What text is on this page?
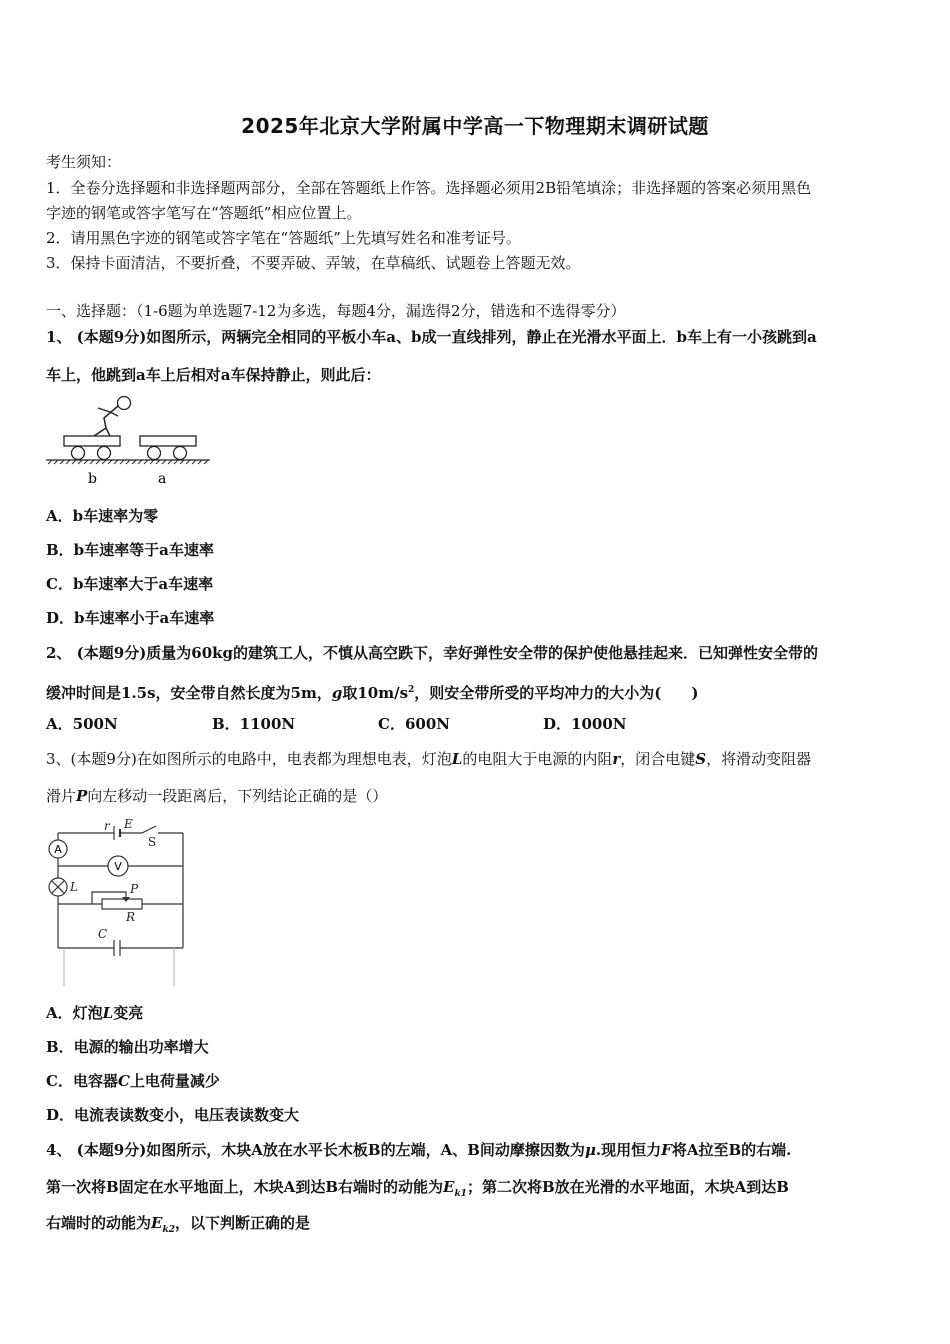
2025年北京大学附属中学高一下物理期末调研试题
考生须知：
1．全卷分选择题和非选择题两部分，全部在答题纸上作答。选择题必须用2B铅笔填涂；非选择题的答案必须用黑色
字迹的钢笔或答字笔写在“答题纸”相应位置上。
2．请用黑色字迹的钢笔或答字笔在“答题纸”上先填写姓名和准考证号。
3．保持卡面清洁，不要折叠，不要弄破、弄皱，在草稿纸、试题卷上答题无效。
一、选择题：（1-6题为单选题7-12为多选，每题4分，漏选得2分，错选和不选得零分）
1、 (本题9分)如图所示，两辆完全相同的平板小车a、b成一直线排列，静止在光滑水平面上．b车上有一小孩跳到a
车上，他跳到a车上后相对a车保持静止，则此后：
b	a
A．b车速率为零
B．b车速率等于a车速率
C．b车速率大于a车速率
D．b车速率小于a车速率
2、 (本题9分)质量为60kg的建筑工人，不慎从高空跌下，幸好弹性安全带的保护使他悬挂起来．已知弹性安全带的
缓冲时间是1.5s，安全带自然长度为5m，g取$10m/s^2$，则安全带所受的平均冲力的大小为(　　)
A．500N	B．1100N	C．600N	D．1000N
3、(本题9分)在如图所示的电路中，电表都为理想电表，灯泡L的电阻大于电源的内阻r，闭合电键S，将滑动变阻器
滑片P向左移动一段距离后，下列结论正确的是（）
A
V
r E
S
L	P
R
C
A．灯泡L变亮
B．电源的输出功率增大
C．电容器C上电荷量减少
D．电流表读数变小，电压表读数变大
4、 (本题9分)如图所示，木块A放在水平长木板B的左端，A、B间动摩擦因数为μ.现用恒力F将A拉至B的右端.
第一次将B固定在水平地面上，木块A到达B右端时的动能为$E_{k1}$；第二次将B放在光滑的水平地面，木块A到达B
右端时的动能为$E_{k2}$，以下判断正确的是
